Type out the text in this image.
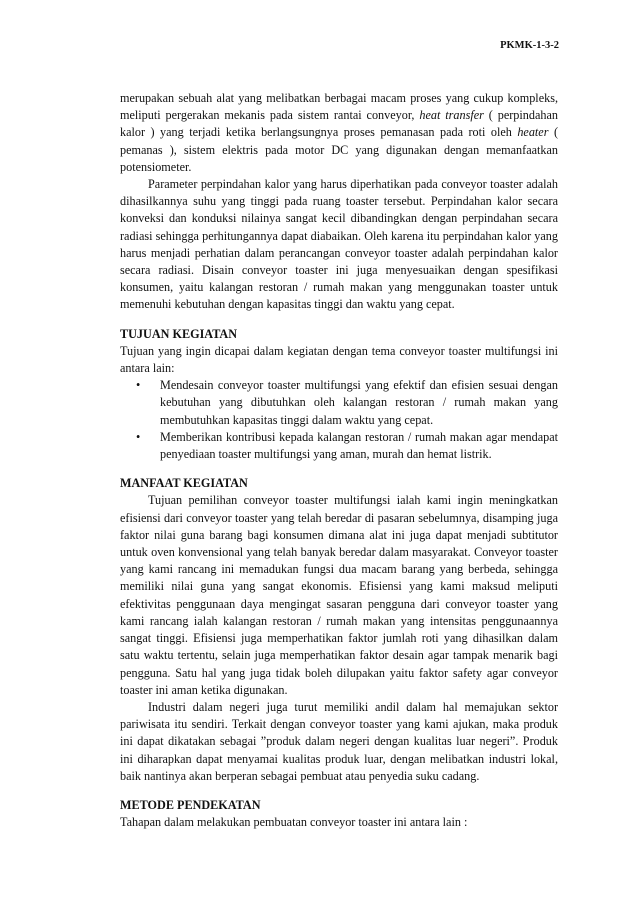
PKMK-1-3-2

merupakan sebuah alat yang melibatkan berbagai macam proses yang cukup kompleks, meliputi pergerakan mekanis pada sistem rantai conveyor, heat transfer ( perpindahan kalor ) yang terjadi ketika berlangsungnya proses pemanasan pada roti oleh heater ( pemanas ), sistem elektris pada motor DC yang digunakan dengan memanfaatkan potensiometer.

Parameter perpindahan kalor yang harus diperhatikan pada conveyor toaster adalah dihasilkannya suhu yang tinggi pada ruang toaster tersebut. Perpindahan kalor secara konveksi dan konduksi nilainya sangat kecil dibandingkan dengan perpindahan secara radiasi sehingga perhitungannya dapat diabaikan. Oleh karena itu perpindahan kalor yang harus menjadi perhatian dalam perancangan conveyor toaster adalah perpindahan kalor secara radiasi. Disain conveyor toaster ini juga menyesuaikan dengan spesifikasi konsumen, yaitu kalangan restoran / rumah makan yang menggunakan toaster untuk memenuhi kebutuhan dengan kapasitas tinggi dan waktu yang cepat.

TUJUAN KEGIATAN

Tujuan yang ingin dicapai dalam kegiatan dengan tema conveyor toaster multifungsi ini antara lain:

• Mendesain conveyor toaster multifungsi yang efektif dan efisien sesuai dengan kebutuhan yang dibutuhkan oleh kalangan restoran / rumah makan yang membutuhkan kapasitas tinggi dalam waktu yang cepat.
• Memberikan kontribusi kepada kalangan restoran / rumah makan agar mendapat penyediaan toaster multifungsi yang aman, murah dan hemat listrik.

MANFAAT KEGIATAN

Tujuan pemilihan conveyor toaster multifungsi ialah kami ingin meningkatkan efisiensi dari conveyor toaster yang telah beredar di pasaran sebelumnya, disamping juga faktor nilai guna barang bagi konsumen dimana alat ini juga dapat menjadi subtitutor untuk oven konvensional yang telah banyak beredar dalam masyarakat. Conveyor toaster yang kami rancang ini memadukan fungsi dua macam barang yang berbeda, sehingga memiliki nilai guna yang sangat ekonomis. Efisiensi yang kami maksud meliputi efektivitas penggunaan daya mengingat sasaran pengguna dari conveyor toaster yang kami rancang ialah kalangan restoran / rumah makan yang intensitas penggunaannya sangat tinggi. Efisiensi juga memperhatikan faktor jumlah roti yang dihasilkan dalam satu waktu tertentu, selain juga memperhatikan faktor desain agar tampak menarik bagi pengguna. Satu hal yang juga tidak boleh dilupakan yaitu faktor safety agar conveyor toaster ini aman ketika digunakan.

Industri dalam negeri juga turut memiliki andil dalam hal memajukan sektor pariwisata itu sendiri. Terkait dengan conveyor toaster yang kami ajukan, maka produk ini dapat dikatakan sebagai ”produk dalam negeri dengan kualitas luar negeri”. Produk ini diharapkan dapat menyamai kualitas produk luar, dengan melibatkan industri lokal, baik nantinya akan berperan sebagai pembuat atau penyedia suku cadang.

METODE PENDEKATAN

Tahapan dalam melakukan pembuatan conveyor toaster ini antara lain :
